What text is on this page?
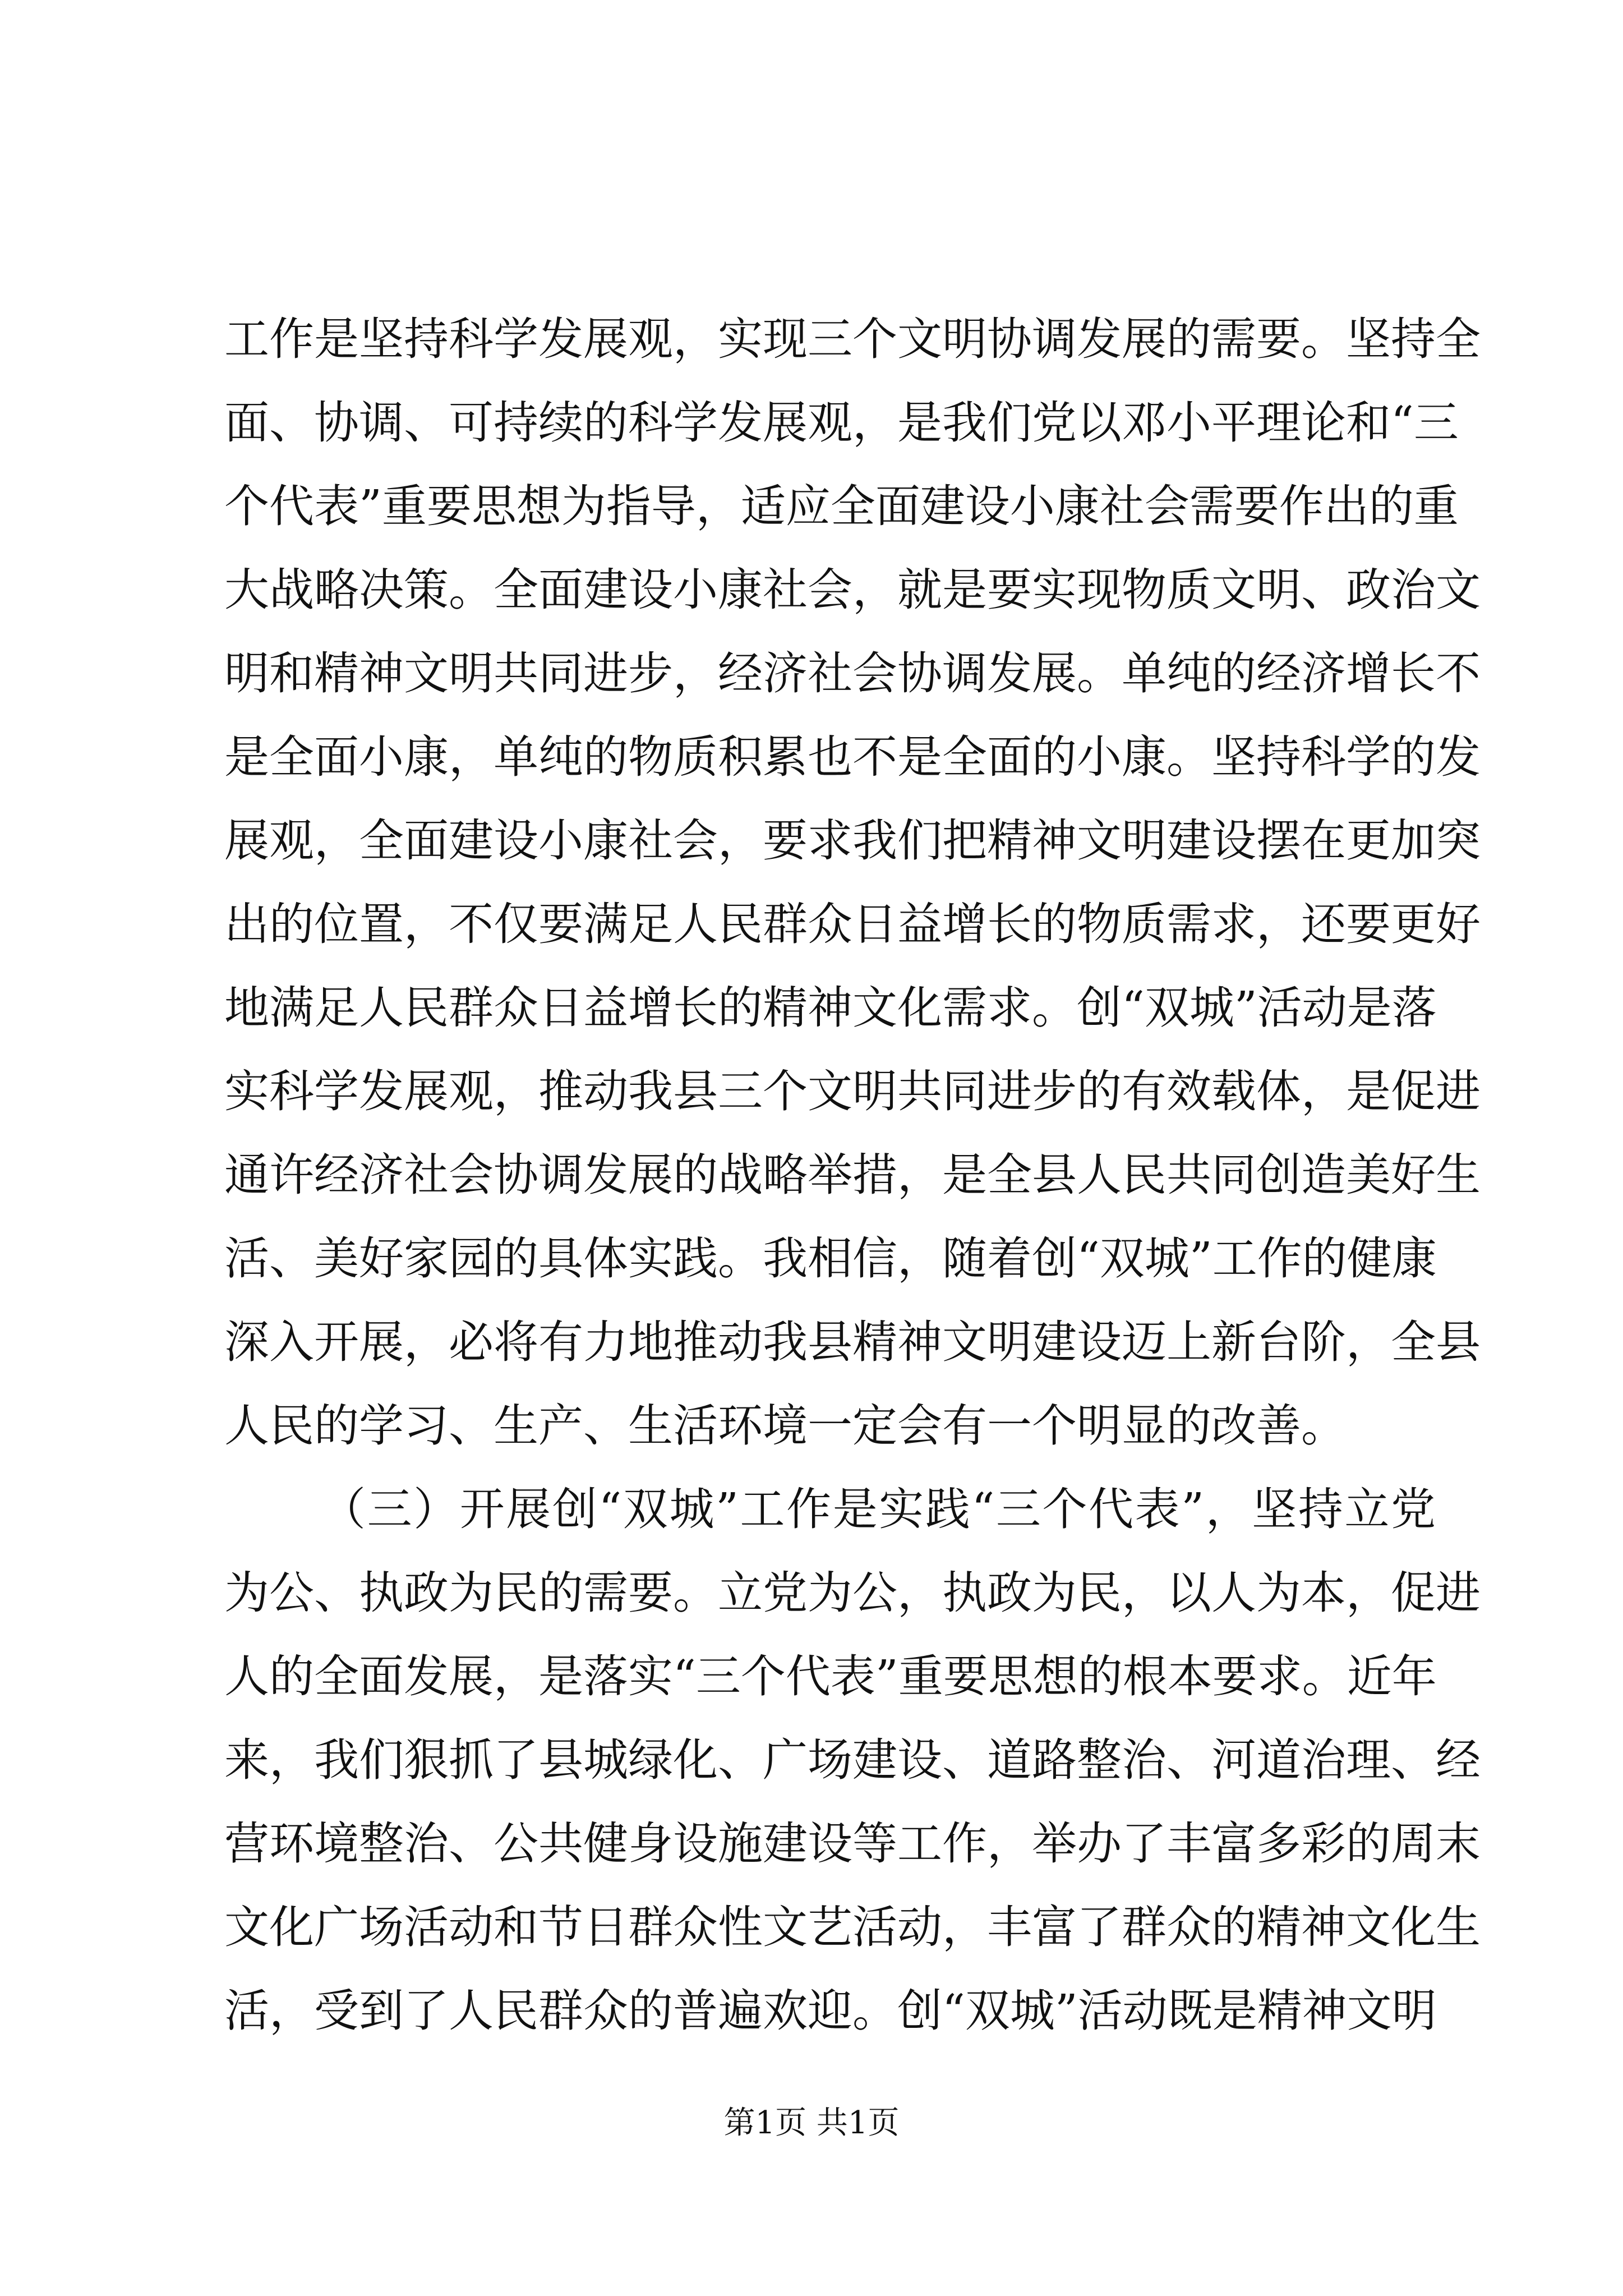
工作是坚持科学发展观，实现三个文明协调发展的需要。坚持全
面、协调、可持续的科学发展观，是我们党以邓小平理论和“三
个代表”重要思想为指导，适应全面建设小康社会需要作出的重
大战略决策。全面建设小康社会，就是要实现物质文明、政治文
明和精神文明共同进步，经济社会协调发展。单纯的经济增长不
是全面小康，单纯的物质积累也不是全面的小康。坚持科学的发
展观，全面建设小康社会，要求我们把精神文明建设摆在更加突
出的位置，不仅要满足人民群众日益增长的物质需求，还要更好
地满足人民群众日益增长的精神文化需求。创“双城”活动是落
实科学发展观，推动我县三个文明共同进步的有效载体，是促进
通许经济社会协调发展的战略举措，是全县人民共同创造美好生
活、美好家园的具体实践。我相信，随着创“双城”工作的健康
深入开展，必将有力地推动我县精神文明建设迈上新台阶，全县
人民的学习、生产、生活环境一定会有一个明显的改善。
（三）开展创“双城”工作是实践“三个代表”，坚持立党
为公、执政为民的需要。立党为公，执政为民，以人为本，促进
人的全面发展，是落实“三个代表”重要思想的根本要求。近年
来，我们狠抓了县城绿化、广场建设、道路整治、河道治理、经
营环境整治、公共健身设施建设等工作，举办了丰富多彩的周末
文化广场活动和节日群众性文艺活动，丰富了群众的精神文化生
活，受到了人民群众的普遍欢迎。创“双城”活动既是精神文明
第1页 共1页
